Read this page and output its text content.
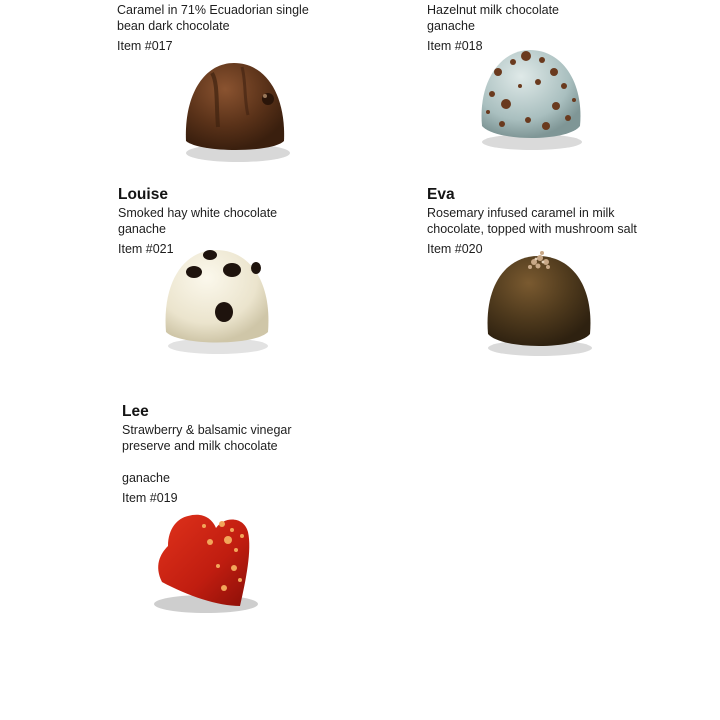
Caramel in 71% Ecuadorian single
bean dark chocolate

Item #017

Hazelnut milk chocolate
ganache

Item #018

Louise

Smoked hay white chocolate
ganache

Item #021

Eva

Rosemary infused caramel in milk
chocolate, topped with mushroom salt

Item #020

Lee

Strawberry & balsamic vinegar
preserve and milk chocolate

ganache

Item #019
